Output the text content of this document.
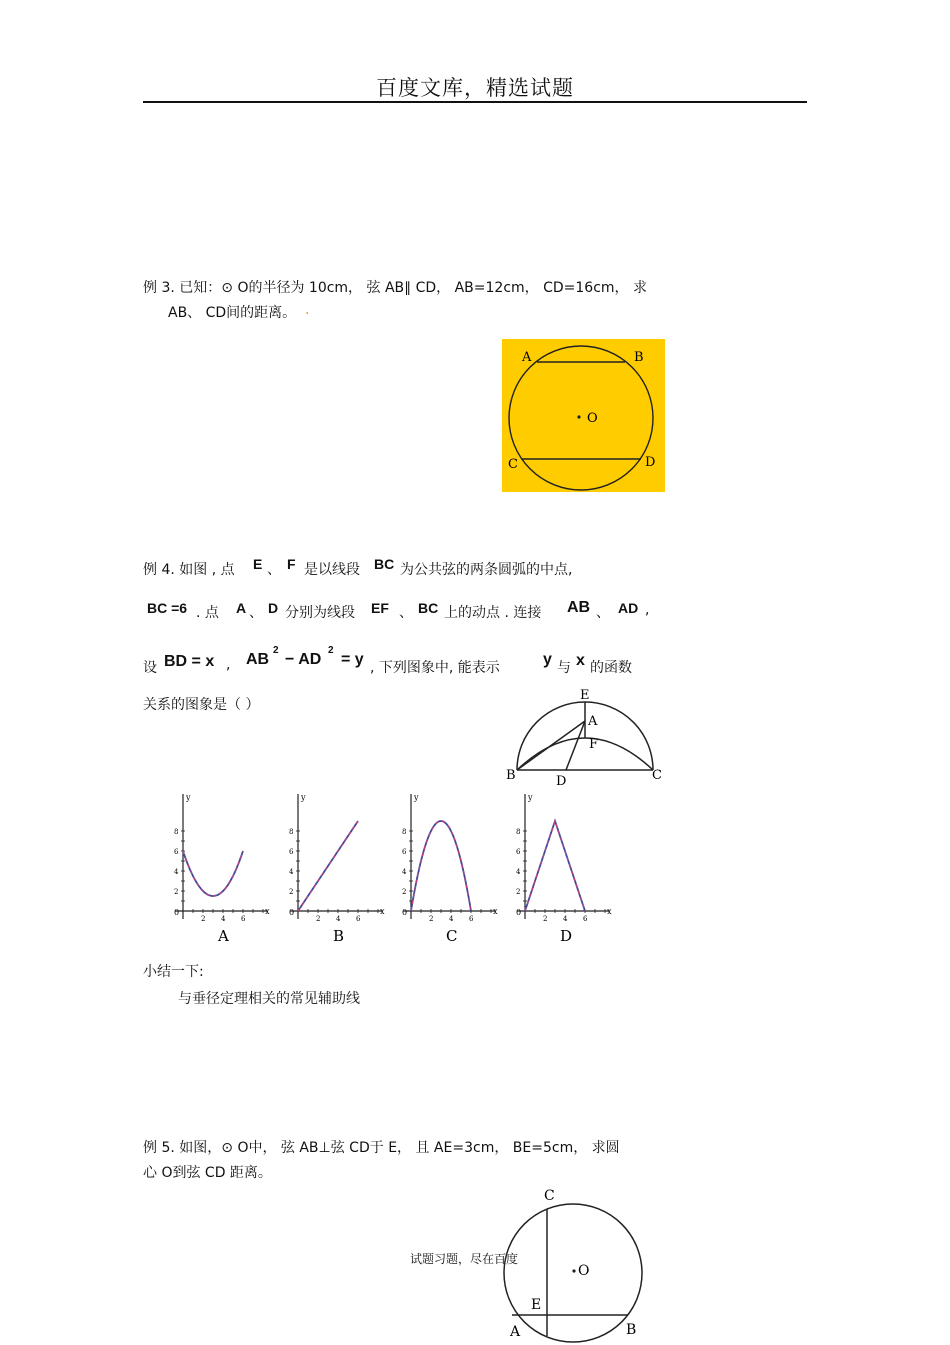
百度文库，精选试题
例 3. 已知：⊙ O的半径为 10cm， 弦 AB∥ CD， AB=12cm， CD=16cm， 求
AB、 CD间的距离。 .
A	B
C	D
O
例 4. 如图 , 点 E 、 F 是以线段 BC 为公共弦的两条圆弧的中点,
BC =6 . 点 A 、 D 分别为线段 EF 、 BC 上的动点 . 连接 AB 、 AD ,
设 BD = x , AB
2
− AD
2
= y , 下列图象中, 能表示	y 与 x 的函数
关系的图象是（ ）
E
A
F
B	D	C
y
x
0
2 4 6
2
4
6
8
A
y
x
0
2 4 6
2
4
6
8
B
y
x
0
2 4 6
2
4
6
8
C
y
x
0
2 4 6
2
4
6
8
D
小结一下:
与垂径定理相关的常见辅助线
例 5. 如图，⊙ O中， 弦 AB⊥弦 CD于 E， 且 AE=3cm， BE=5cm， 求圆
心 O到弦 CD 距离。
C
O
E
A	B
试题习题，尽在百度
